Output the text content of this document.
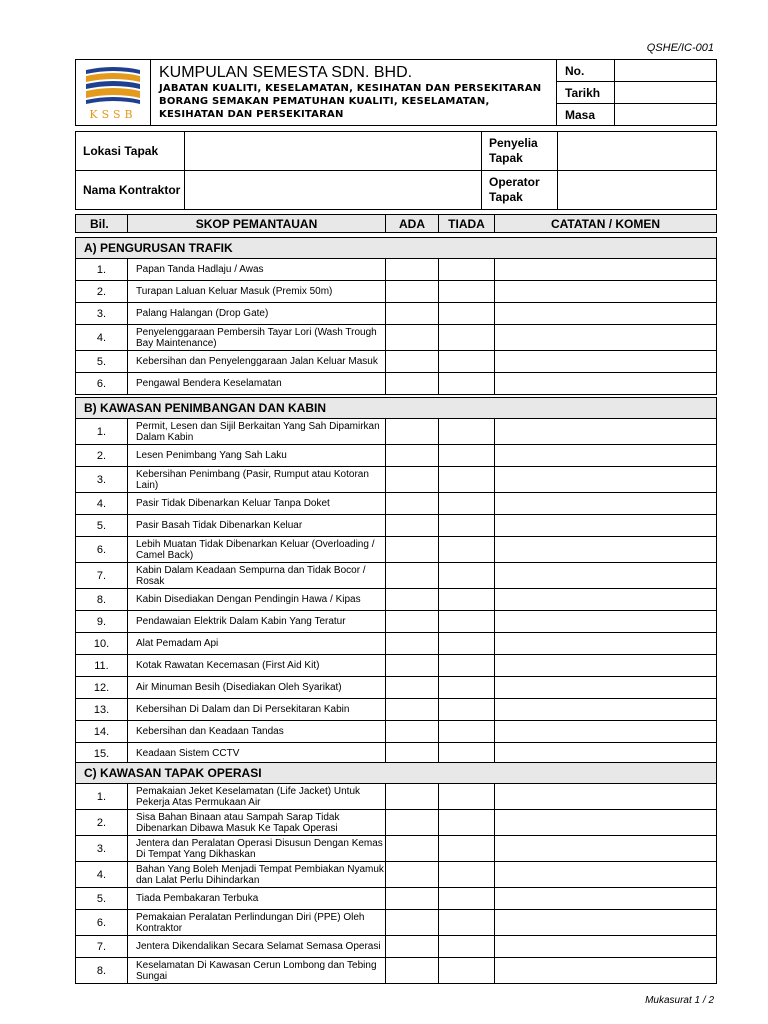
QSHE/IC-001
KSSB	KUMPULAN SEMESTA SDN. BHD.
JABATAN KUALITI, KESELAMATAN, KESIHATAN DAN PERSEKITARAN
BORANG SEMAKAN PEMATUHAN KUALITI, KESELAMATAN, KESIHATAN DAN PERSEKITARAN	No.	
		Tarikh	
		Masa	
Lokasi Tapak		Penyelia Tapak	
Nama Kontraktor		Operator Tapak	
Bil.	SKOP PEMANTAUAN	ADA	TIADA	CATATAN / KOMEN
A) PENGURUSAN TRAFIK				
1.	Papan Tanda Hadlaju / Awas			
2.	Turapan Laluan Keluar Masuk (Premix 50m)			
3.	Palang Halangan (Drop Gate)			
4.	Penyelenggaraan Pembersih Tayar Lori (Wash Trough Bay Maintenance)			
5.	Kebersihan dan Penyelenggaraan Jalan Keluar Masuk			
6.	Pengawal Bendera Keselamatan			
B) KAWASAN PENIMBANGAN DAN KABIN				
1.	Permit, Lesen dan Sijil Berkaitan Yang Sah Dipamirkan Dalam Kabin			
2.	Lesen Penimbang Yang Sah Laku			
3.	Kebersihan Penimbang (Pasir, Rumput atau Kotoran Lain)			
4.	Pasir Tidak Dibenarkan Keluar Tanpa Doket			
5.	Pasir Basah Tidak Dibenarkan Keluar			
6.	Lebih Muatan Tidak Dibenarkan Keluar (Overloading / Camel Back)			
7.	Kabin Dalam Keadaan Sempurna dan Tidak Bocor / Rosak			
8.	Kabin Disediakan Dengan Pendingin Hawa / Kipas			
9.	Pendawaian Elektrik Dalam Kabin Yang Teratur			
10.	Alat Pemadam Api			
11.	Kotak Rawatan Kecemasan (First Aid Kit)			
12.	Air Minuman Besih (Disediakan Oleh Syarikat)			
13.	Kebersihan Di Dalam dan Di Persekitaran Kabin			
14.	Kebersihan dan Keadaan Tandas			
15.	Keadaan Sistem CCTV			
C) KAWASAN TAPAK OPERASI				
1.	Pemakaian Jeket Keselamatan (Life Jacket) Untuk Pekerja Atas Permukaan Air			
2.	Sisa Bahan Binaan atau Sampah Sarap Tidak Dibenarkan Dibawa Masuk Ke Tapak Operasi			
3.	Jentera dan Peralatan Operasi Disusun Dengan Kemas Di Tempat Yang Dikhaskan			
4.	Bahan Yang Boleh Menjadi Tempat Pembiakan Nyamuk dan Lalat Perlu Dihindarkan			
5.	Tiada Pembakaran Terbuka			
6.	Pemakaian Peralatan Perlindungan Diri (PPE) Oleh Kontraktor			
7.	Jentera Dikendalikan Secara Selamat Semasa Operasi			
8.	Keselamatan Di Kawasan Cerun Lombong dan Tebing Sungai			
Mukasurat 1 / 2
